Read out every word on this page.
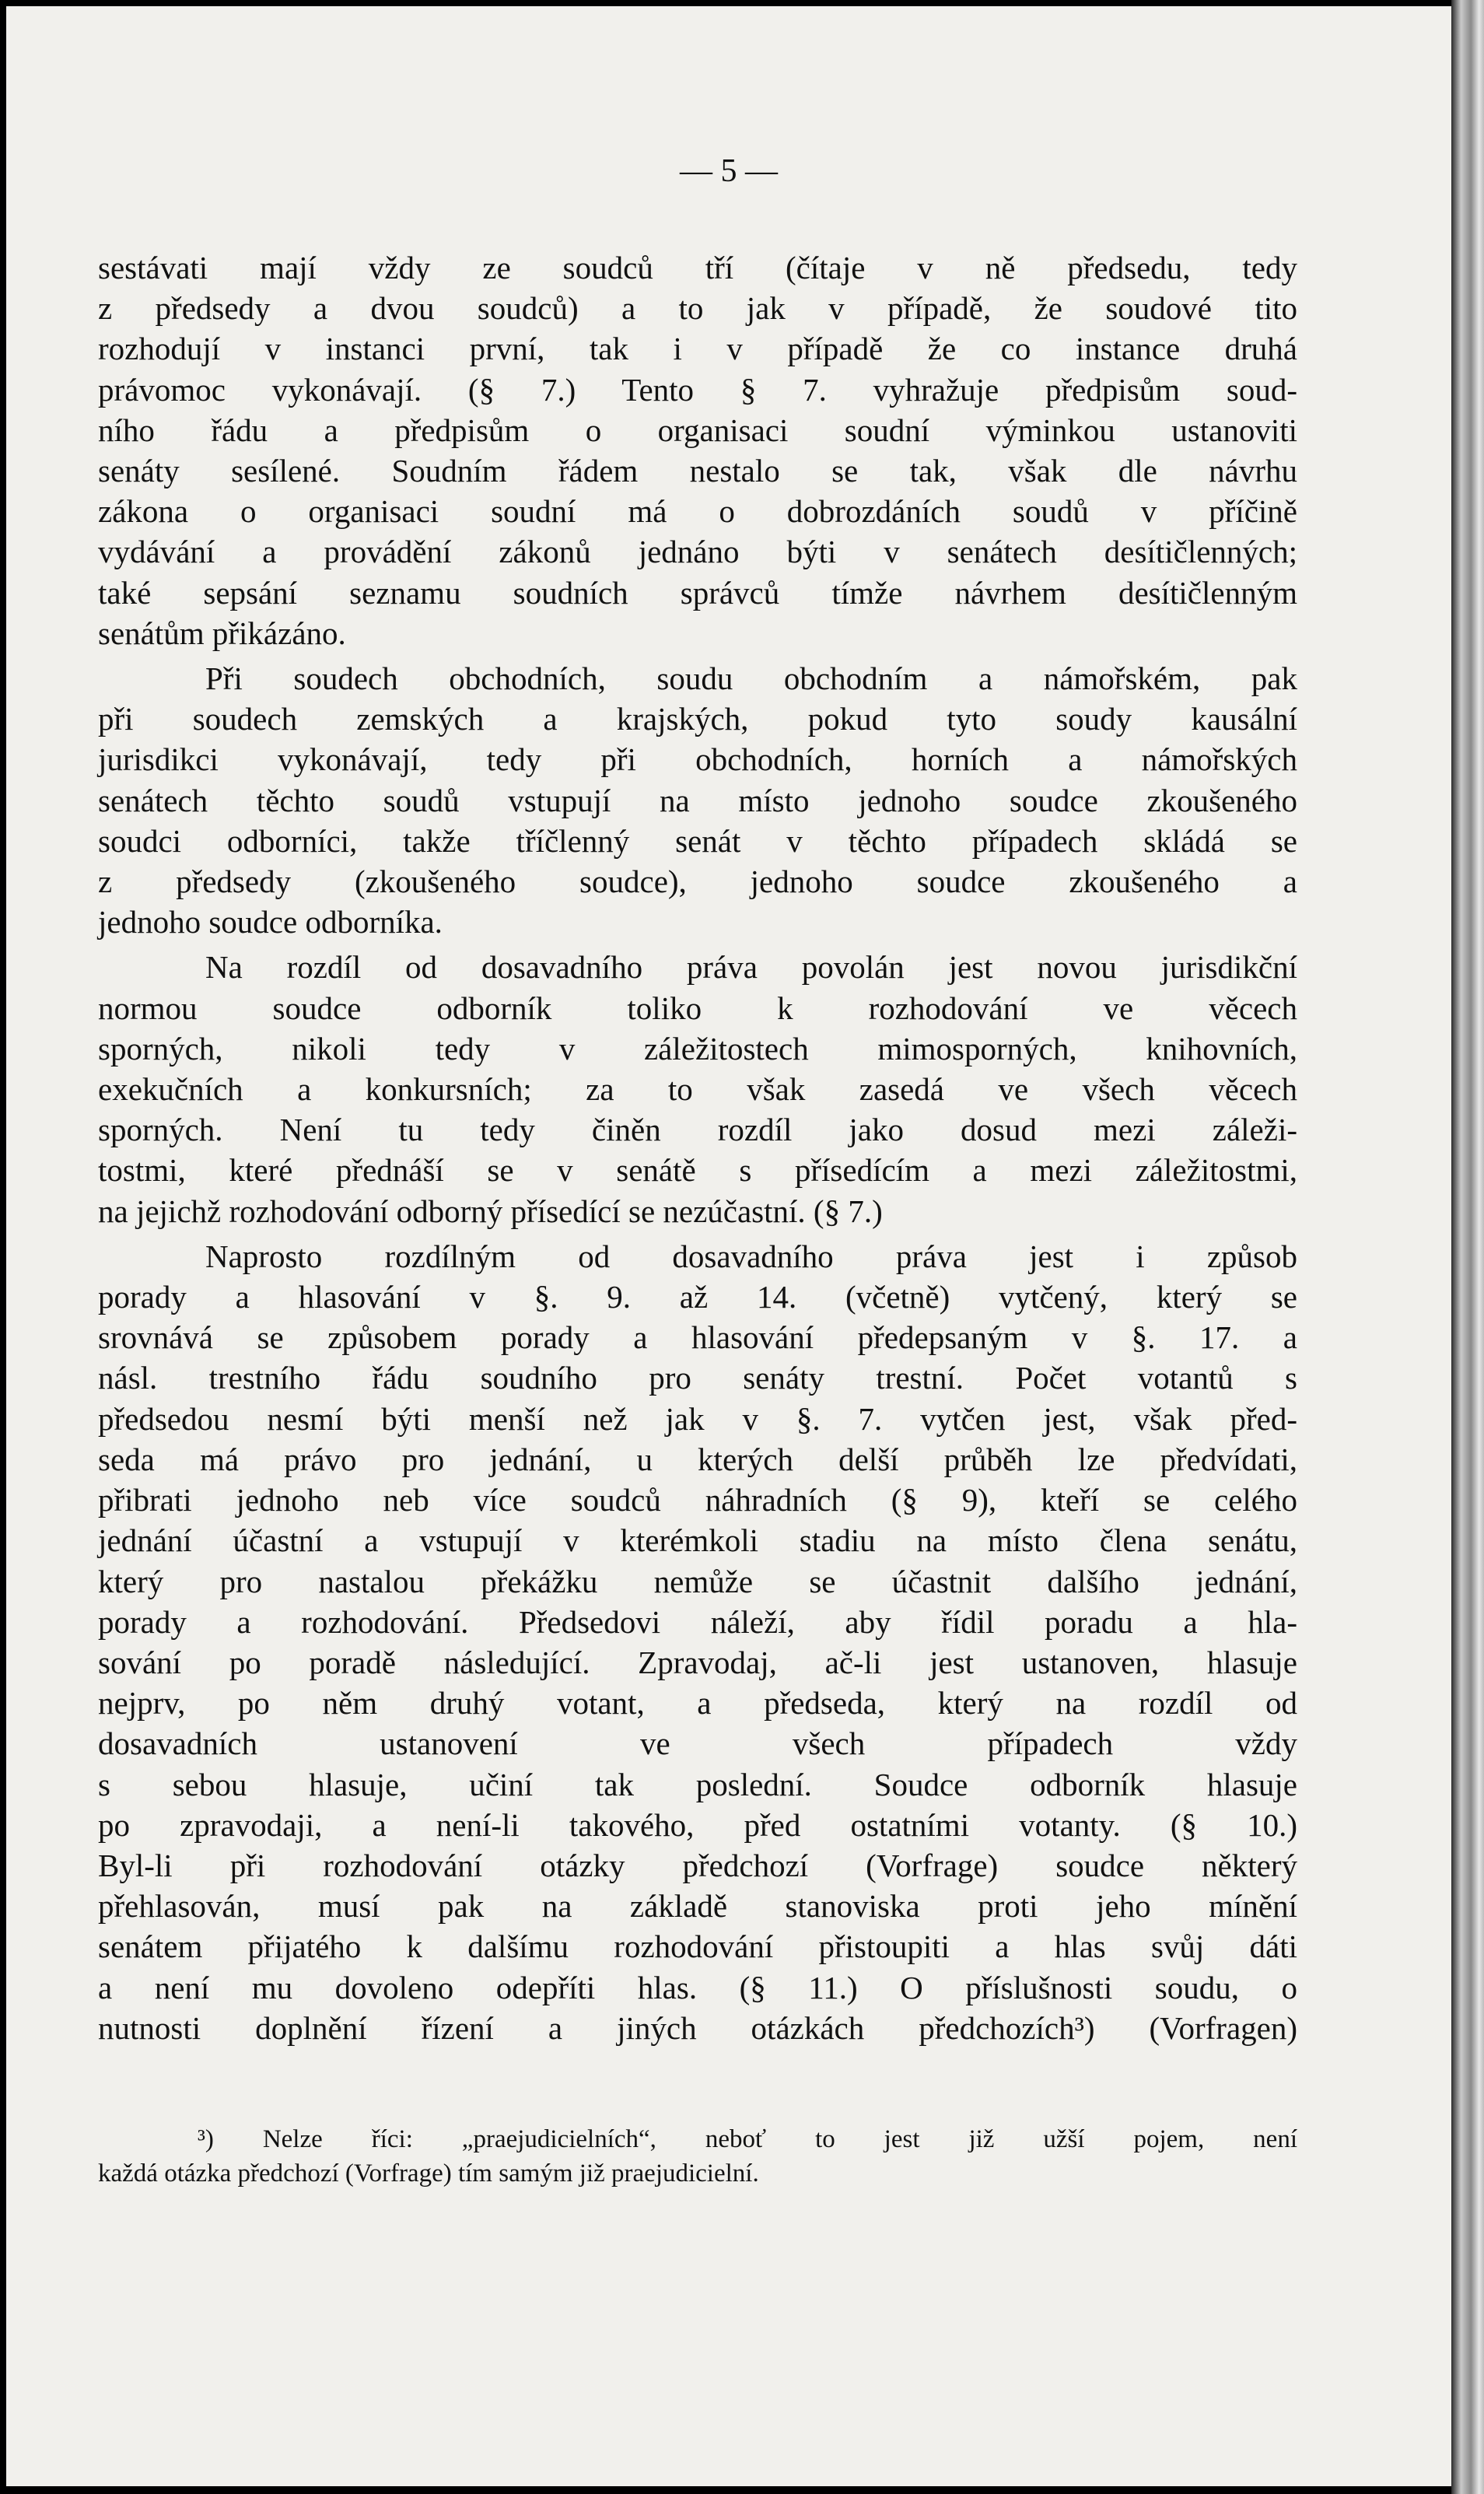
— 5 —

sestávati mají vždy ze soudců tří (čítaje v ně předsedu, tedy
z předsedy a dvou soudců) a to jak v případě, že soudové tito
rozhodují v instanci první, tak i v případě že co instance druhá
právomoc vykonávají. (§ 7.) Tento § 7. vyhražuje předpisům soud-
ního řádu a předpisům o organisaci soudní výminkou ustanoviti
senáty sesílené. Soudním řádem nestalo se tak, však dle návrhu
zákona o organisaci soudní má o dobrozdáních soudů v příčině
vydávání a provádění zákonů jednáno býti v senátech desítičlenných;
také sepsání seznamu soudních správců tímže návrhem desítičlenným
senátům přikázáno.

Při soudech obchodních, soudu obchodním a námořském, pak
při soudech zemských a krajských, pokud tyto soudy kausální
jurisdikci vykonávají, tedy při obchodních, horních a námořských
senátech těchto soudů vstupují na místo jednoho soudce zkoušeného
soudci odborníci, takže tříčlenný senát v těchto případech skládá se
z předsedy (zkoušeného soudce), jednoho soudce zkoušeného a
jednoho soudce odborníka.

Na rozdíl od dosavadního práva povolán jest novou jurisdikční
normou soudce odborník toliko k rozhodování ve věcech
sporných, nikoli tedy v záležitostech mimosporných, knihovních,
exekučních a konkursních; za to však zasedá ve všech věcech
sporných. Není tu tedy činěn rozdíl jako dosud mezi záleži-
tostmi, které přednáší se v senátě s přísedícím a mezi záležitostmi,
na jejichž rozhodování odborný přísedící se nezúčastní. (§ 7.)

Naprosto rozdílným od dosavadního práva jest i způsob
porady a hlasování v §. 9. až 14. (včetně) vytčený, který se
srovnává se způsobem porady a hlasování předepsaným v §. 17. a
násl. trestního řádu soudního pro senáty trestní. Počet votantů s
předsedou nesmí býti menší než jak v §. 7. vytčen jest, však před-
seda má právo pro jednání, u kterých delší průběh lze předvídati,
přibrati jednoho neb více soudců náhradních (§ 9), kteří se celého
jednání účastní a vstupují v kterémkoli stadiu na místo člena senátu,
který pro nastalou překážku nemůže se účastnit dalšího jednání,
porady a rozhodování. Předsedovi náleží, aby řídil poradu a hla-
sování po poradě následující. Zpravodaj, ač-li jest ustanoven, hlasuje
nejprv, po něm druhý votant, a předseda, který na rozdíl od
dosavadních ustanovení ve všech případech vždy
s sebou hlasuje, učiní tak poslední. Soudce odborník hlasuje
po zpravodaji, a není-li takového, před ostatními votanty. (§ 10.)
Byl-li při rozhodování otázky předchozí (Vorfrage) soudce některý
přehlasován, musí pak na základě stanoviska proti jeho mínění
senátem přijatého k dalšímu rozhodování přistoupiti a hlas svůj dáti
a není mu dovoleno odepříti hlas. (§ 11.) O příslušnosti soudu, o
nutnosti doplnění řízení a jiných otázkách předchozích³) (Vorfragen)

³) Nelze říci: „praejudicielních“, neboť to jest již užší pojem, není
každá otázka předchozí (Vorfrage) tím samým již praejudicielní.
